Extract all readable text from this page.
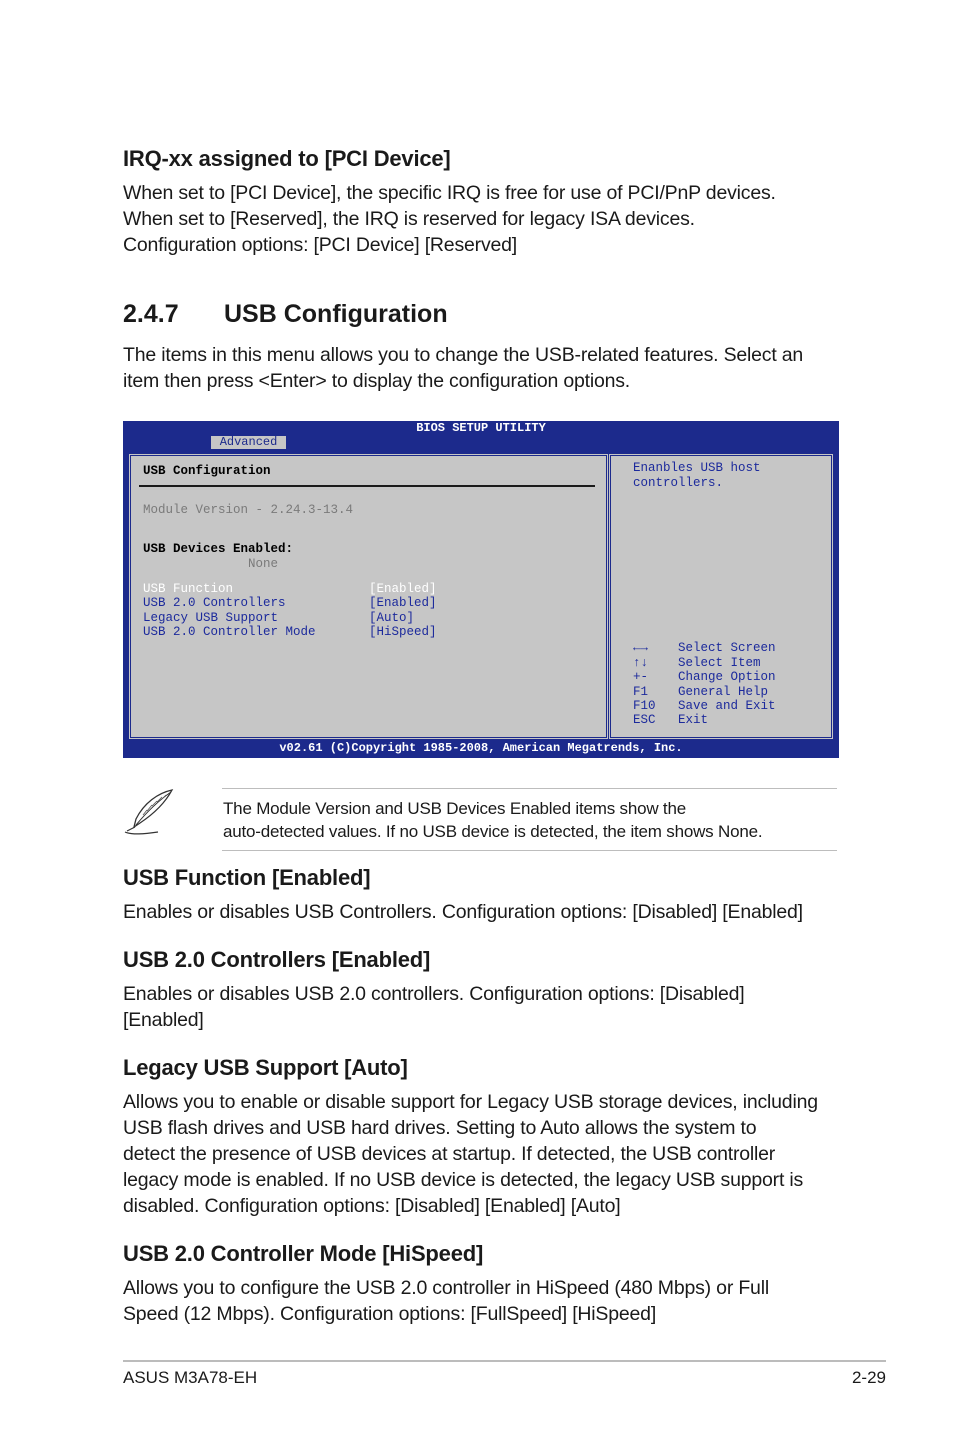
IRQ-xx assigned to [PCI Device]

When set to [PCI Device], the specific IRQ is free for use of PCI/PnP devices.

When set to [Reserved], the IRQ is reserved for legacy ISA devices.

Configuration options: [PCI Device] [Reserved]

2.4.7 USB Configuration

The items in this menu allows you to change the USB-related features. Select an

item then press <Enter> to display the configuration options.

BIOS SETUP UTILITY
Advanced
USB Configuration
Module Version - 2.24.3-13.4
USB Devices Enabled:
None
USB Function	[Enabled]
USB 2.0 Controllers	[Enabled]
Legacy USB Support	[Auto]
USB 2.0 Controller Mode	[HiSpeed]
Enanbles USB host
controllers.
←→ Select Screen
↑↓ Select Item
+- Change Option
F1 General Help
F10 Save and Exit
ESC Exit
v02.61 (C)Copyright 1985-2008, American Megatrends, Inc.
The Module Version and USB Devices Enabled items show the
auto-detected values. If no USB device is detected, the item shows None.
USB Function [Enabled]

Enables or disables USB Controllers. Configuration options: [Disabled] [Enabled]

USB 2.0 Controllers [Enabled]

Enables or disables USB 2.0 controllers. Configuration options: [Disabled]

[Enabled]

Legacy USB Support [Auto]

Allows you to enable or disable support for Legacy USB storage devices, including

USB flash drives and USB hard drives. Setting to Auto allows the system to

detect the presence of USB devices at startup. If detected, the USB controller

legacy mode is enabled. If no USB device is detected, the legacy USB support is

disabled. Configuration options: [Disabled] [Enabled] [Auto]

USB 2.0 Controller Mode [HiSpeed]

Allows you to configure the USB 2.0 controller in HiSpeed (480 Mbps) or Full

Speed (12 Mbps). Configuration options: [FullSpeed] [HiSpeed]

ASUS M3A78-EH	2-29
